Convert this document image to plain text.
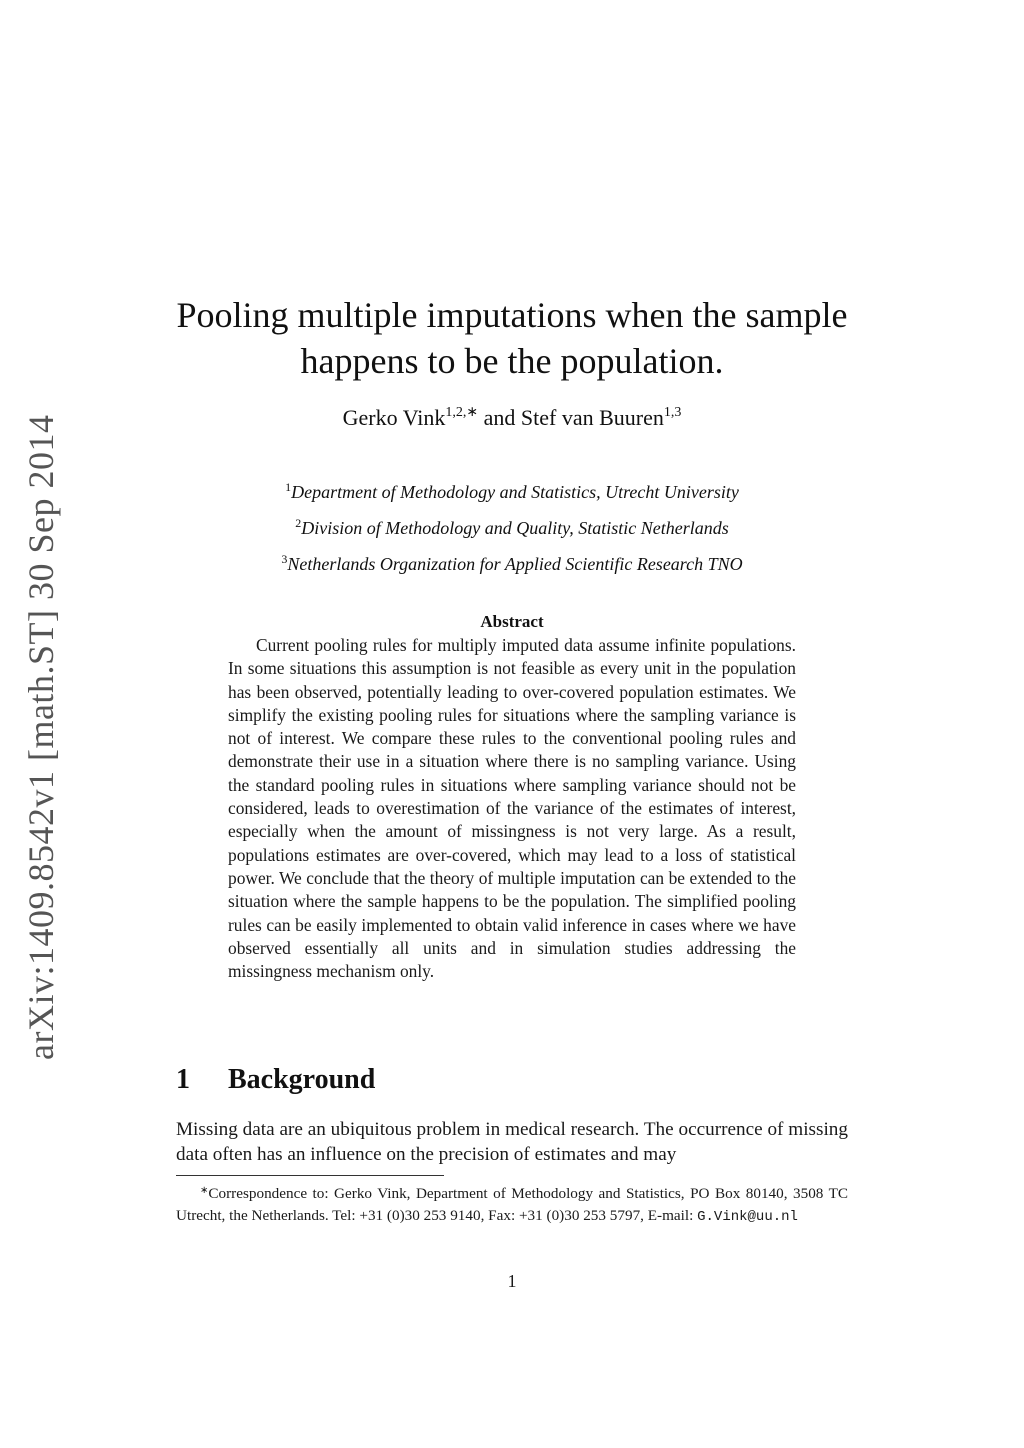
arXiv:1409.8542v1 [math.ST] 30 Sep 2014
Pooling multiple imputations when the sample
happens to be the population.
Gerko Vink$^{1,2,∗}$ and Stef van Buuren$^{1,3}$
$^1$Department of Methodology and Statistics, Utrecht University
$^2$Division of Methodology and Quality, Statistic Netherlands
$^3$Netherlands Organization for Applied Scientific Research TNO
Abstract
Current pooling rules for multiply imputed data assume infinite populations. In some situations this assumption is not feasible as every unit in the population has been observed, potentially leading to over-covered population estimates. We simplify the existing pooling rules for situations where the sampling variance is not of interest. We compare these rules to the conventional pooling rules and demonstrate their use in a situation where there is no sampling variance. Using the standard pooling rules in situations where sampling variance should not be considered, leads to overestimation of the variance of the estimates of interest, especially when the amount of missingness is not very large. As a result, populations estimates are over-covered, which may lead to a loss of statistical power. We conclude that the theory of multiple imputation can be extended to the situation where the sample happens to be the population. The simplified pooling rules can be easily implemented to obtain valid inference in cases where we have observed essentially all units and in simulation studies addressing the missingness mechanism only.
1 Background
Missing data are an ubiquitous problem in medical research. The occurrence of missing data often has an influence on the precision of estimates and may
∗Correspondence to: Gerko Vink, Department of Methodology and Statistics, PO Box 80140, 3508 TC Utrecht, the Netherlands. Tel: +31 (0)30 253 9140, Fax: +31 (0)30 253 5797, E-mail: G.Vink@uu.nl
1
